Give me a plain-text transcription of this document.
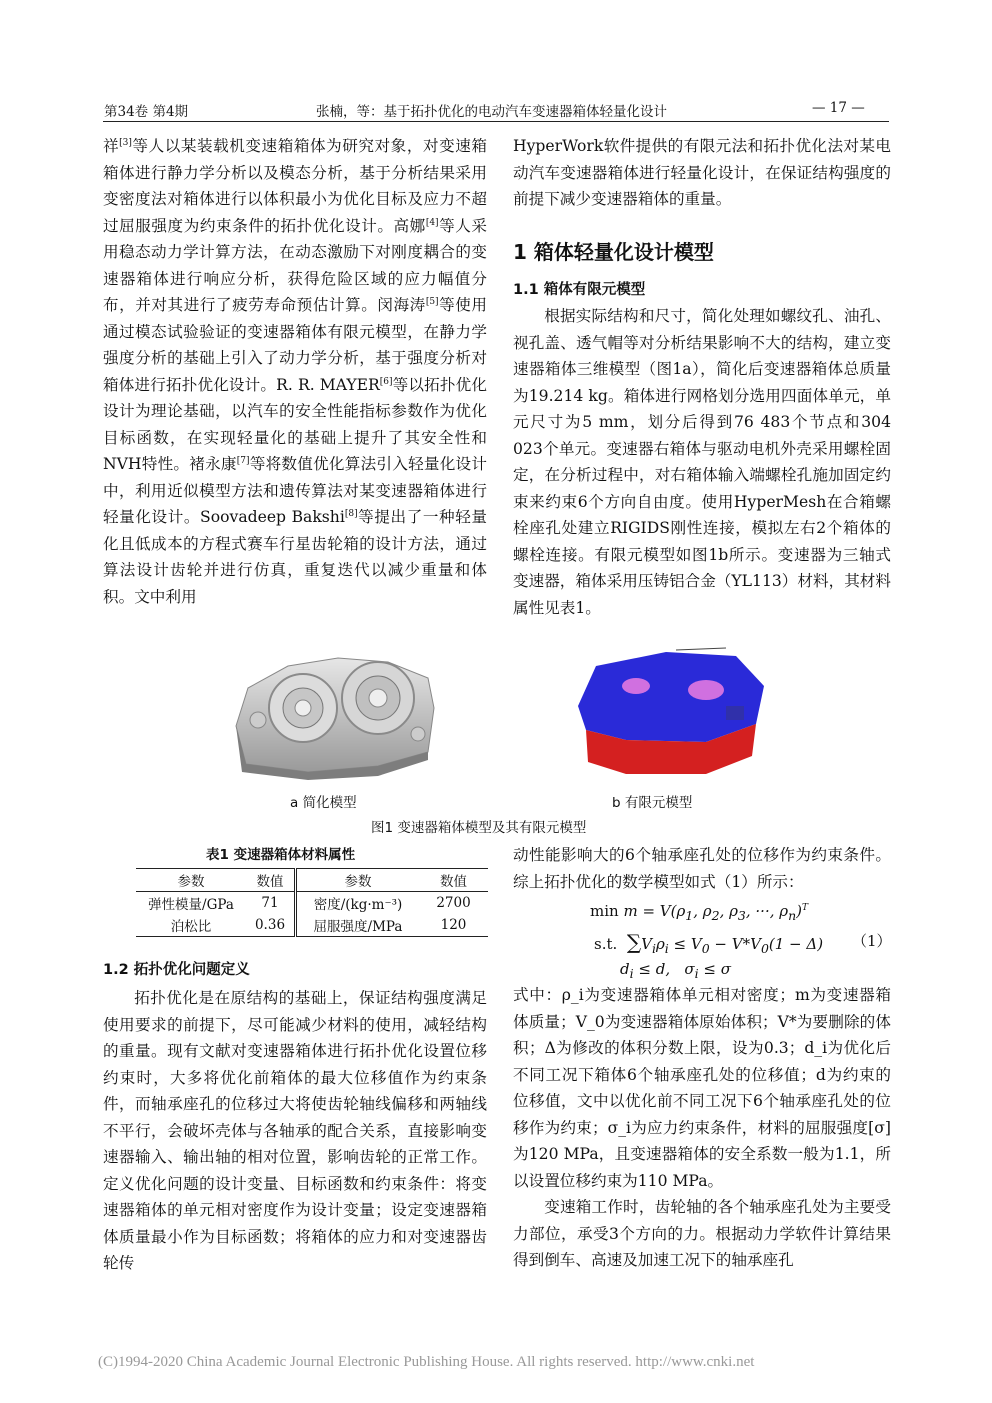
第34卷 第4期	张楠，等：基于拓扑优化的电动汽车变速器箱体轻量化设计	— 17 —

祥[3]等人以某装载机变速箱箱体为研究对象，对变速箱箱体进行静力学分析以及模态分析，基于分析结果采用变密度法对箱体进行以体积最小为优化目标及应力不超过屈服强度为约束条件的拓扑优化设计。高娜[4]等人采用稳态动力学计算方法，在动态激励下对刚度耦合的变速器箱体进行响应分析，获得危险区域的应力幅值分布，并对其进行了疲劳寿命预估计算。闵海涛[5]等使用通过模态试验验证的变速器箱体有限元模型，在静力学强度分析的基础上引入了动力学分析，基于强度分析对箱体进行拓扑优化设计。R. R. MAYER[6]等以拓扑优化设计为理论基础，以汽车的安全性能指标参数作为优化目标函数，在实现轻量化的基础上提升了其安全性和NVH特性。褚永康[7]等将数值优化算法引入轻量化设计中，利用近似模型方法和遗传算法对某变速器箱体进行轻量化设计。Soovadeep Bakshi[8]等提出了一种轻量化且低成本的方程式赛车行星齿轮箱的设计方法，通过算法设计齿轮并进行仿真，重复迭代以减少重量和体积。文中利用

HyperWork软件提供的有限元法和拓扑优化法对某电动汽车变速器箱体进行轻量化设计，在保证结构强度的前提下减少变速器箱体的重量。

1 箱体轻量化设计模型

1.1 箱体有限元模型

根据实际结构和尺寸，简化处理如螺纹孔、油孔、视孔盖、透气帽等对分析结果影响不大的结构，建立变速器箱体三维模型（图1a），简化后变速器箱体总质量为19.214 kg。箱体进行网格划分选用四面体单元，单元尺寸为5 mm，划分后得到76 483个节点和304 023个单元。变速器右箱体与驱动电机外壳采用螺栓固定，在分析过程中，对右箱体输入端螺栓孔施加固定约束来约束6个方向自由度。使用HyperMesh在合箱螺栓座孔处建立RIGIDS刚性连接，模拟左右2个箱体的螺栓连接。有限元模型如图1b所示。变速器为三轴式变速器，箱体采用压铸铝合金（YL113）材料，其材料属性见表1。

a 简化模型	b 有限元模型
图1 变速器箱体模型及其有限元模型
表1 变速器箱体材料属性
参数	数值	参数	数值
弹性模量/GPa	71	密度/(kg·m⁻³)	2700
泊松比	0.36	屈服强度/MPa	120

1.2 拓扑优化问题定义

拓扑优化是在原结构的基础上，保证结构强度满足使用要求的前提下，尽可能减少材料的使用，减轻结构的重量。现有文献对变速器箱体进行拓扑优化设置位移约束时，大多将优化前箱体的最大位移值作为约束条件，而轴承座孔的位移过大将使齿轮轴线偏移和两轴线不平行，会破坏壳体与各轴承的配合关系，直接影响变速器输入、输出轴的相对位置，影响齿轮的正常工作。定义优化问题的设计变量、目标函数和约束条件：将变速器箱体的单元相对密度作为设计变量；设定变速器箱体质量最小作为目标函数；将箱体的应力和对变速器齿轮传

动性能影响大的6个轴承座孔处的位移作为约束条件。综上拓扑优化的数学模型如式（1）所示：

$\min m = V(\rho_1$, $\rho_2$, $\rho_3$, ···, $\rho_n)^T$
s.t. $\sum V_i\rho_i \le V_0 - V*V_0(1 - \Delta)$
$d_i \le d$,   $\sigma_i \le \sigma$
（1）

式中：ρ_i为变速器箱体单元相对密度；m为变速器箱体质量；V_0为变速器箱体原始体积；V*为要删除的体积；Δ为修改的体积分数上限，设为0.3；d_i为优化后不同工况下箱体6个轴承座孔处的位移值；d为约束的位移值，文中以优化前不同工况下6个轴承座孔处的位移作为约束；σ_i为应力约束条件，材料的屈服强度[σ]为120 MPa，且变速器箱体的安全系数一般为1.1，所以设置位移约束为110 MPa。

变速箱工作时，齿轮轴的各个轴承座孔处为主要受力部位，承受3个方向的力。根据动力学软件计算结果得到倒车、高速及加速工况下的轴承座孔

(C)1994-2020 China Academic Journal Electronic Publishing House. All rights reserved. http://www.cnki.net
